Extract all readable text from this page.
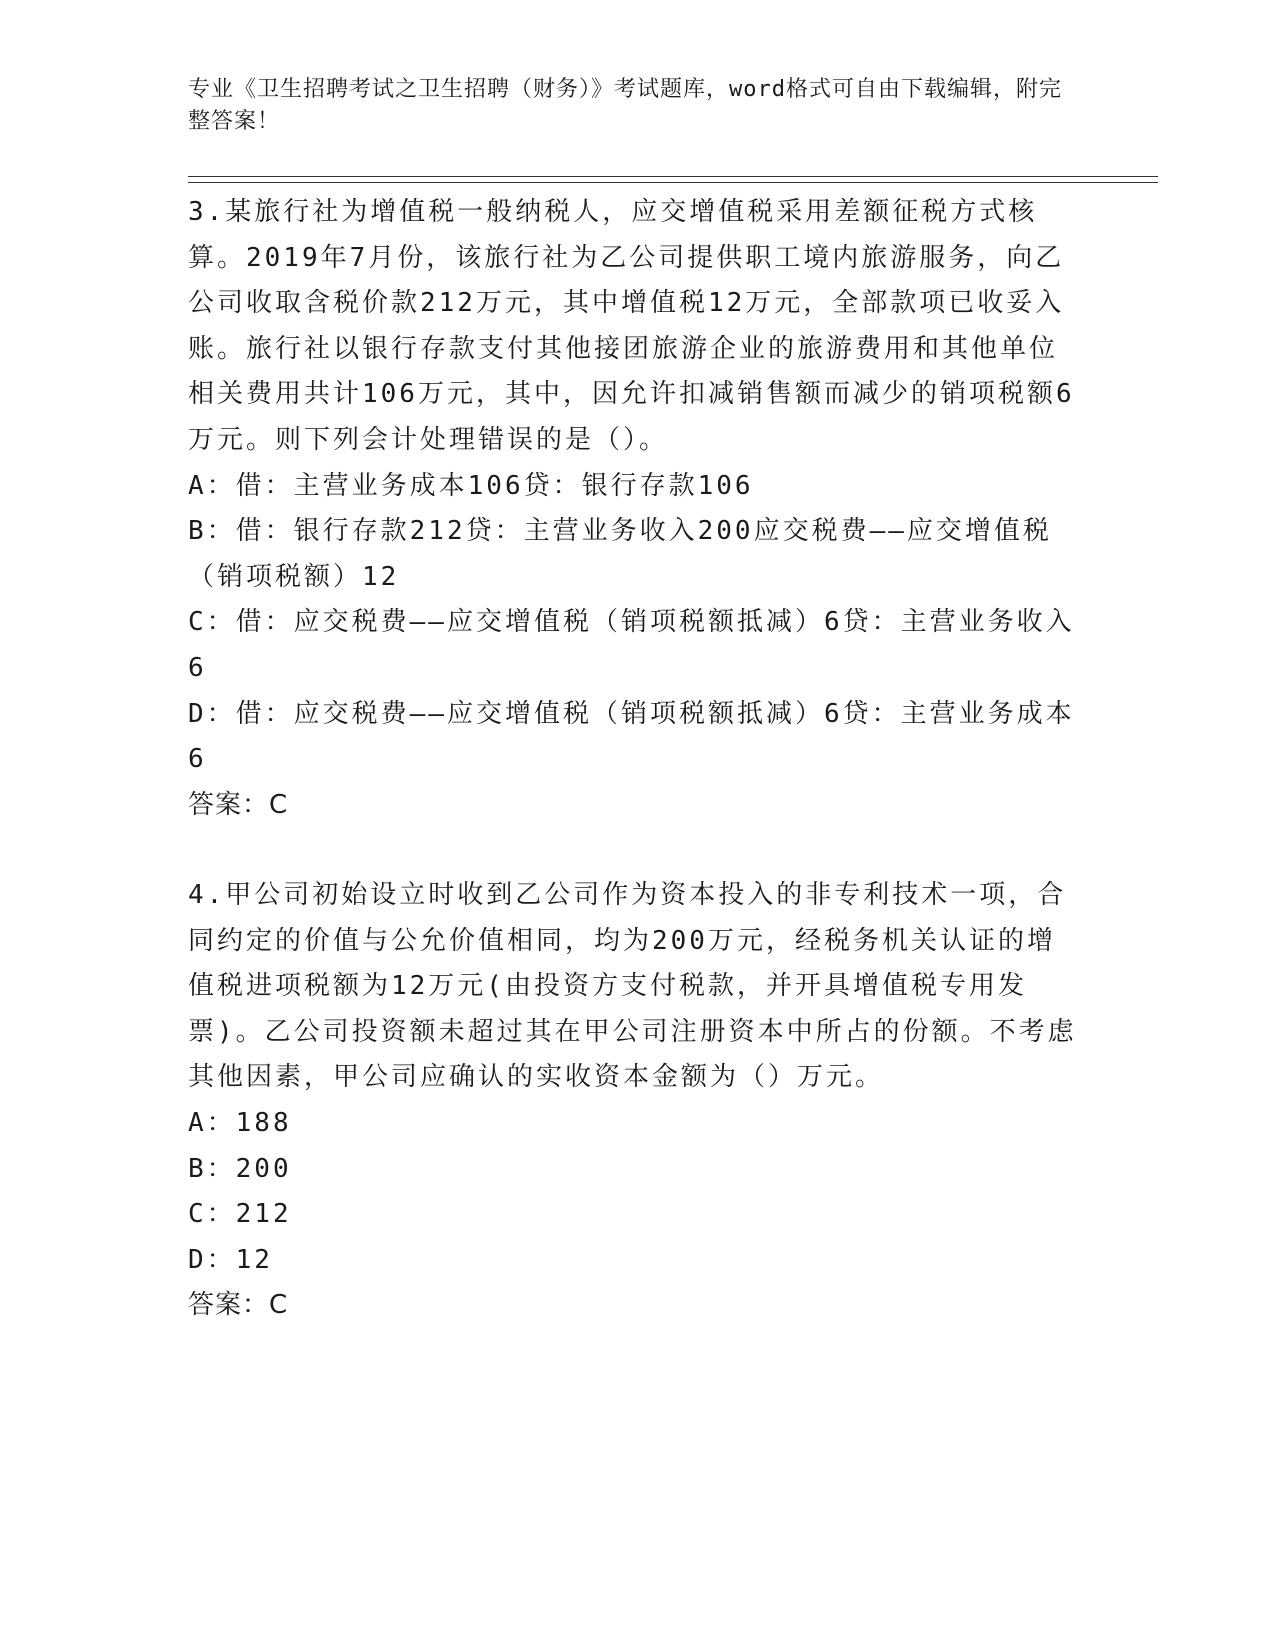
专业《卫生招聘考试之卫生招聘（财务）》考试题库，word格式可自由下载编辑，附完整答案！

3.某旅行社为增值税一般纳税人，应交增值税采用差额征税方式核算。2019年7月份，该旅行社为乙公司提供职工境内旅游服务，向乙公司收取含税价款212万元，其中增值税12万元，全部款项已收妥入账。旅行社以银行存款支付其他接团旅游企业的旅游费用和其他单位相关费用共计106万元，其中，因允许扣减销售额而减少的销项税额6万元。则下列会计处理错误的是（）。

A：借：主营业务成本106贷：银行存款106

B：借：银行存款212贷：主营业务收入200应交税费——应交增值税（销项税额）12

C：借：应交税费——应交增值税（销项税额抵减）6贷：主营业务收入6

D：借：应交税费——应交增值税（销项税额抵减）6贷：主营业务成本6

答案：C

4.甲公司初始设立时收到乙公司作为资本投入的非专利技术一项，合同约定的价值与公允价值相同，均为200万元，经税务机关认证的增值税进项税额为12万元(由投资方支付税款，并开具增值税专用发票)。乙公司投资额未超过其在甲公司注册资本中所占的份额。不考虑其他因素，甲公司应确认的实收资本金额为（）万元。

A：188

B：200

C：212

D：12

答案：C
